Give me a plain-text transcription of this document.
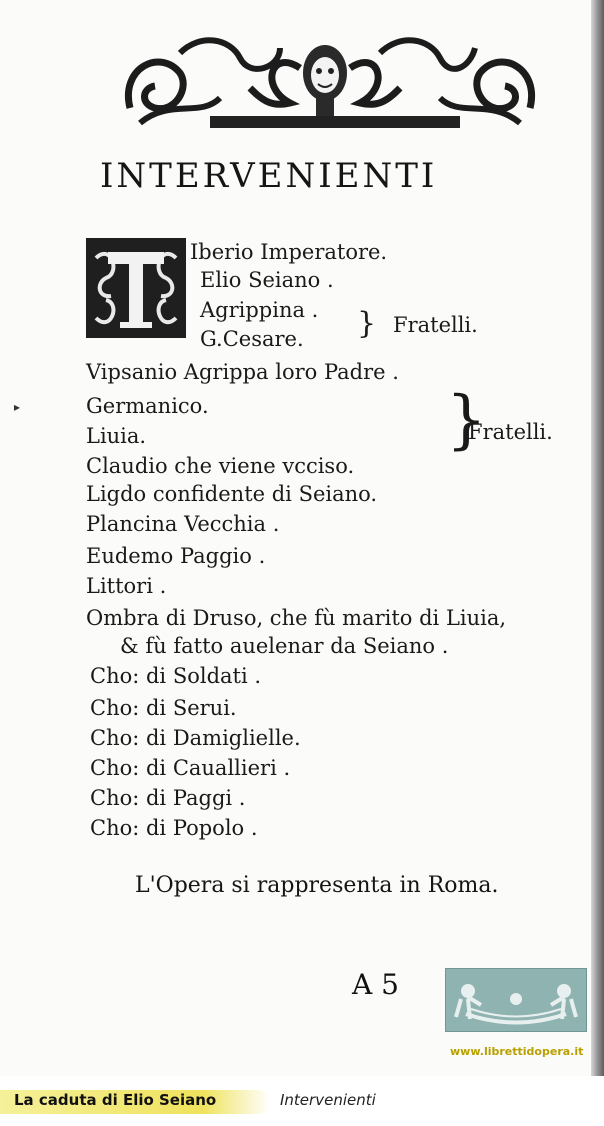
INTERVENIENTI
Iberio Imperatore.
Elio Seiano .
Agrippina .
G.Cesare. } Fratelli.
Vipsanio Agrippa loro Padre .
Germanico.
Liuia.	}
Fratelli.
Claudio che viene vcciso.
Ligdo confidente di Seiano.
Plancina Vecchia .
Eudemo Paggio .
Littori .
Ombra di Druso, che fù marito di Liuia,
& fù fatto auelenar da Seiano .
Cho: di Soldati .
Cho: di Serui.
Cho: di Damiglielle.
Cho: di Cauallieri .
Cho: di Paggi .
Cho: di Popolo .
L'Opera si rappresenta in Roma.
A 5
▸
www.librettidopera.it
La caduta di Elio Seiano	Intervenienti
